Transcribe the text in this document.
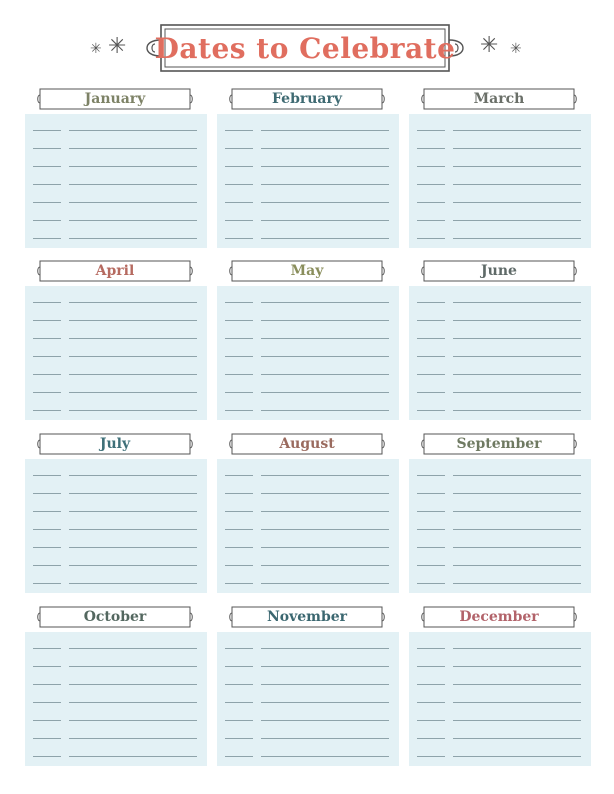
✳ ✳	Dates to Celebrate	✳ ✳
January	February	March
April	May	June
July	August	September
October	November	December
